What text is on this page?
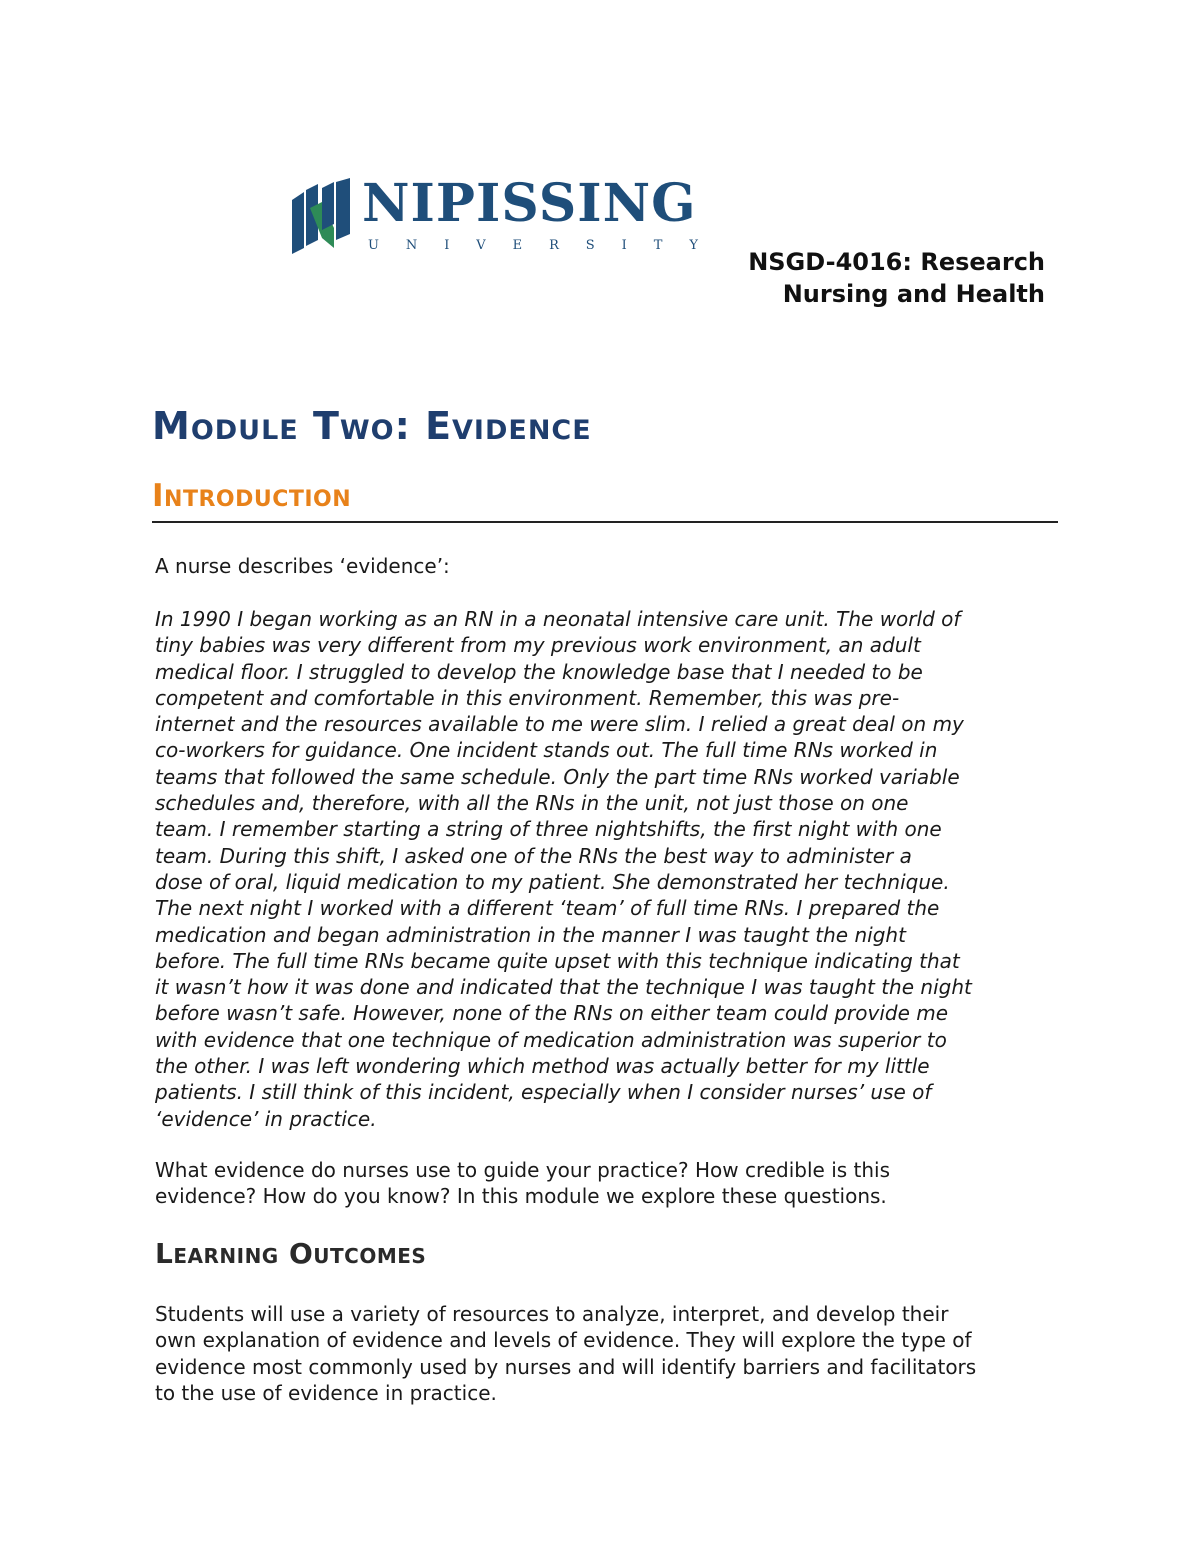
NIPISSING
U N I V E R S I T Y
NSGD-4016: Research
Nursing and Health
Module Two: Evidence
Introduction

A nurse describes ‘evidence’:

In 1990 I began working as an RN in a neonatal intensive care unit. The world of
tiny babies was very different from my previous work environment, an adult
medical floor. I struggled to develop the knowledge base that I needed to be
competent and comfortable in this environment. Remember, this was pre-
internet and the resources available to me were slim. I relied a great deal on my
co-workers for guidance. One incident stands out. The full time RNs worked in
teams that followed the same schedule. Only the part time RNs worked variable
schedules and, therefore, with all the RNs in the unit, not just those on one
team. I remember starting a string of three nightshifts, the first night with one
team. During this shift, I asked one of the RNs the best way to administer a
dose of oral, liquid medication to my patient. She demonstrated her technique.
The next night I worked with a different ‘team’ of full time RNs. I prepared the
medication and began administration in the manner I was taught the night
before. The full time RNs became quite upset with this technique indicating that
it wasn’t how it was done and indicated that the technique I was taught the night
before wasn’t safe. However, none of the RNs on either team could provide me
with evidence that one technique of medication administration was superior to
the other. I was left wondering which method was actually better for my little
patients. I still think of this incident, especially when I consider nurses’ use of
‘evidence’ in practice.

What evidence do nurses use to guide your practice? How credible is this
evidence? How do you know? In this module we explore these questions.

Learning Outcomes

Students will use a variety of resources to analyze, interpret, and develop their
own explanation of evidence and levels of evidence. They will explore the type of
evidence most commonly used by nurses and will identify barriers and facilitators
to the use of evidence in practice.
